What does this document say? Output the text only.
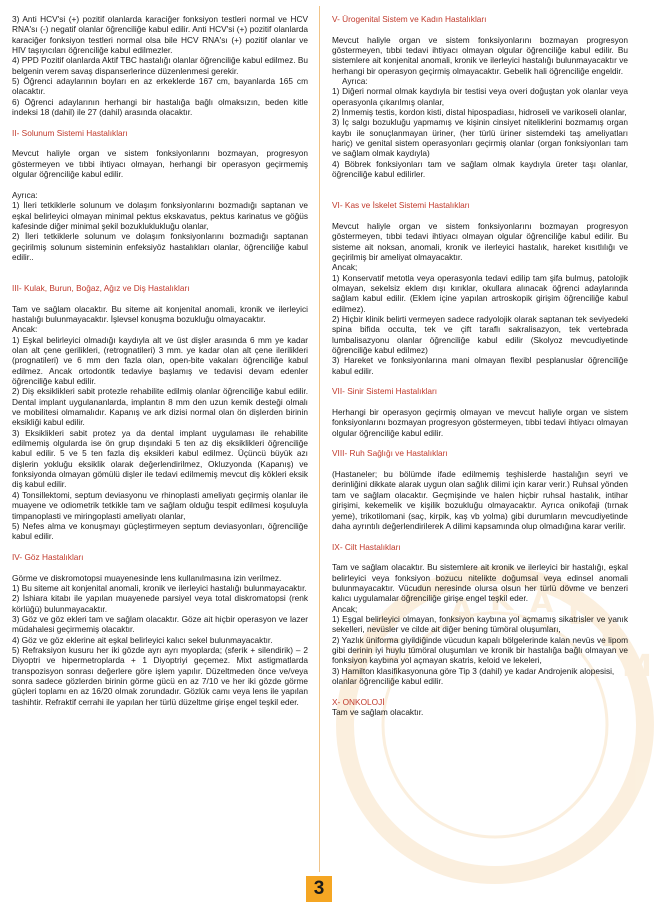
İS A K A DEM

3) Anti HCV'si (+) pozitif olanlarda karaciğer fonksiyon testleri normal ve HCV RNA'sı (-) negatif olanlar öğrenciliğe kabul edilir. Anti HCV'si (+) pozitif olanlarda karaciğer fonksiyon testleri normal olsa bile HCV RNA'sı (+) pozitif olanlar ve HIV taşıyıcıları öğrenciliğe kabul edilmezler.

4) PPD Pozitif olanlarda Aktif TBC hastalığı olanlar öğrenciliğe kabul edilmez. Bu belgenin verem savaş dispanserlerince düzenlenmesi gerekir.

5) Öğrenci adaylarının boyları en az erkeklerde 167 cm, bayanlarda 165 cm olacaktır.

6) Öğrenci adaylarının herhangi bir hastalığa bağlı olmaksızın, beden kitle indeksi 18 (dahil) ile 27 (dahil) arasında olacaktır.

II- Solunum Sistemi Hastalıkları

Mevcut haliyle organ ve sistem fonksiyonlarını bozmayan, progresyon göstermeyen ve tıbbi ihtiyacı olmayan, herhangi bir operasyon geçirmemiş olgular öğrenciliğe kabul edilir.

Ayrıca:

1) İleri tetkiklerle solunum ve dolaşım fonksiyonlarını bozmadığı saptanan ve eşkal belirleyici olmayan minimal pektus ekskavatus, pektus karinatus ve göğüs kafesinde diğer minimal şekil bozukluklukluğu olanlar,

2) İleri tetkiklerle solunum ve dolaşım fonksiyonlarını bozmadığı saptanan geçirilmiş solunum sisteminin enfeksiyöz hastalıkları olanlar, öğrenciliğe kabul edilir..

III- Kulak, Burun, Boğaz, Ağız ve Diş Hastalıkları

Tam ve sağlam olacaktır. Bu siteme ait konjenital anomali, kronik ve ilerleyici hastalığı bulunmayacaktır. İşlevsel konuşma bozukluğu olmayacaktır.

Ancak:

1) Eşkal belirleyici olmadığı kaydıyla alt ve üst dişler arasında 6 mm ye kadar olan alt çene gerilikleri, (retrognatileri) 3 mm. ye kadar olan alt çene ilerilikleri (prognatileri) ve 6 mm den fazla olan, open-bite vakaları öğrenciliğe kabul edilmez. Ancak ortodontik tedaviye başlamış ve tedavisi devam edenler öğrenciliğe kabul edilir.

2) Diş eksiklikleri sabit protezle rehabilite edilmiş olanlar öğrenciliğe kabul edilir. Dental implant uygulananlarda, implantın 8 mm den uzun kemik desteği olmalı ve mobilitesi olmamalıdır. Kapanış ve ark dizisi normal olan ön dişlerden birinin eksikliği kabul edilir.

3) Eksiklikleri sabit protez ya da dental implant uygulaması ile rehabilite edilmemiş olgularda ise ön grup dışındaki 5 ten az diş eksiklikleri öğrenciliğe kabul edilir. 5 ve 5 ten fazla diş eksikleri kabul edilmez. Üçüncü büyük azı dişlerin yokluğu eksiklik olarak değerlendirilmez, Okluzyonda (Kapanış) ve fonksiyonda olmayan gömülü dişler ile tedavi edilmemiş mevcut diş kökleri eksik diş kabul edilir.

4) Tonsillektomi, septum deviasyonu ve rhinoplasti ameliyatı geçirmiş olanlar ile muayene ve odiometrik tetkikle tam ve sağlam olduğu tespit edilmesi koşuluyla timpanoplasti ve miringoplasti ameliyatı olanlar,

5) Nefes alma ve konuşmayı güçleştirmeyen septum deviasyonları, öğrenciliğe kabul edilir.

IV- Göz Hastalıkları

Görme ve diskromotopsi muayenesinde lens kullanılmasına izin verilmez.

1) Bu siteme ait konjenital anomali, kronik ve ilerleyici hastalığı bulunmayacaktır.

2) İshiara kitabı ile yapılan muayenede parsiyel veya total diskromatopsi (renk körlüğü) bulunmayacaktır.

3) Göz ve göz ekleri tam ve sağlam olacaktır. Göze ait hiçbir operasyon ve lazer müdahalesi geçirmemiş olacaktır.

4) Göz ve göz eklerine ait eşkal belirleyici kalıcı sekel bulunmayacaktır.

5) Refraksiyon kusuru her iki gözde ayrı ayrı myoplarda; (sferik + silendirik) – 2 Diyoptri ve hipermetroplarda + 1 Diyoptriyi geçemez. Mixt astigmatlarda transpozisyon sonrası değerlere göre işlem yapılır. Düzeltmeden önce ve/veya sonra sadece gözlerden birinin görme gücü en az 7/10 ve her iki gözde görme güçleri toplamı en az 16/20 olmak zorundadır. Gözlük camı veya lens ile yapılan tashihtir. Refraktif cerrahi ile yapılan her türlü düzeltme girişe engel teşkil eder.

V- Ürogenital Sistem ve Kadın Hastalıkları

Mevcut haliyle organ ve sistem fonksiyonlarını bozmayan progresyon göstermeyen, tıbbi tedavi ihtiyacı olmayan olgular öğrenciliğe kabul edilir. Bu sistemlere ait konjenital anomali, kronik ve ilerleyici hastalığı bulunmayacaktır ve herhangi bir operasyon geçirmiş olmayacaktır. Gebelik hali öğrenciliğe engeldir.

Ayrıca:

1) Diğeri normal olmak kaydıyla bir testisi veya overi doğuştan yok olanlar veya operasyonla çıkarılmış olanlar,

2) İnmemiş testis, kordon kisti, distal hipospadiası, hidroseli ve varikoseli olanlar,

3) İç salgı bozukluğu yapmamış ve kişinin cinsiyet niteliklerini bozmamış organ kaybı ile sonuçlanmayan üriner, (her türlü üriner sistemdeki taş ameliyatları hariç) ve genital sistem operasyonları geçirmiş olanlar (organ fonksiyonları tam ve sağlam olmak kaydıyla)

4) Böbrek fonksiyonları tam ve sağlam olmak kaydıyla üreter taşı olanlar, öğrenciliğe kabul edilirler.

VI- Kas ve İskelet Sistemi Hastalıkları

Mevcut haliyle organ ve sistem fonksiyonlarını bozmayan progresyon göstermeyen, tıbbi tedavi ihtiyacı olmayan olgular öğrenciliğe kabul edilir. Bu sisteme ait noksan, anomali, kronik ve ilerleyici hastalık, hareket kısıtlılığı ve geçirilmiş bir ameliyat olmayacaktır.

Ancak;

1) Konservatif metotla veya operasyonla tedavi edilip tam şifa bulmuş, patolojik olmayan, sekelsiz eklem dışı kırıklar, okullara alınacak öğrenci adaylarında sağlam kabul edilir. (Eklem içine yapılan artroskopik girişim öğrenciliğe kabul edilmez).

2) Hiçbir klinik belirti vermeyen sadece radyolojik olarak saptanan tek seviyedeki spina bifida occulta, tek ve çift taraflı sakralisazyon, tek vertebrada lumbalisazyonu olanlar öğrenciliğe kabul edilir (Skolyoz mevcudiyetinde öğrenciliğe kabul edilmez)

3) Hareket ve fonksiyonlarına mani olmayan flexibl pesplanuslar öğrenciliğe kabul edilir.

VII- Sinir Sistemi Hastalıkları

Herhangi bir operasyon geçirmiş olmayan ve mevcut haliyle organ ve sistem fonksiyonlarını bozmayan progresyon göstermeyen, tıbbi tedavi ihtiyacı olmayan olgular öğrenciliğe kabul edilir.

VIII- Ruh Sağlığı ve Hastalıkları

(Hastaneler; bu bölümde ifade edilmemiş teşhislerde hastalığın seyri ve derinliğini dikkate alarak uygun olan sağlık dilimi için karar verir.) Ruhsal yönden tam ve sağlam olacaktır. Geçmişinde ve halen hiçbir ruhsal hastalık, intihar girişimi, kekemelik ve kişilik bozukluğu olmayacaktır. Ayrıca onikofaji (tırnak yeme), trikotilomani (saç, kirpik, kaş vb yolma) gibi durumların mevcudiyetinde daha ayrıntılı değerlendirilerek A dilimi kapsamında olup olmadığına karar verilir.

IX- Cilt Hastalıkları

Tam ve sağlam olacaktır. Bu sistemlere ait kronik ve ilerleyici bir hastalığı, eşkal belirleyici veya fonksiyon bozucu nitelikte doğumsal veya edinsel anomali bulunmayacaktır. Vücudun neresinde olursa olsun her türlü dövme ve benzeri kalıcı uygulamalar öğrenciliğe girişe engel teşkil eder.

Ancak;

1) Eşgal belirleyici olmayan, fonksiyon kaybına yol açmamış sikatrisler ve yanık sekelleri, nevüsler ve cilde ait diğer bening tümöral oluşumları,

2) Yazlık üniforma giyildiğinde vücudun kapalı bölgelerinde kalan nevüs ve lipom gibi derinin iyi huylu tümöral oluşumları ve kronik bir hastalığa bağlı olmayan ve fonksiyon kaybına yol açmayan skatris, keloid ve lekeleri,

3) Hamilton klasifikasyonuna göre Tip 3 (dahil) ye kadar Androjenik alopesisi,

olanlar öğrenciliğe kabul edilir.

X- ONKOLOJİ

Tam ve sağlam olacaktır.

3
